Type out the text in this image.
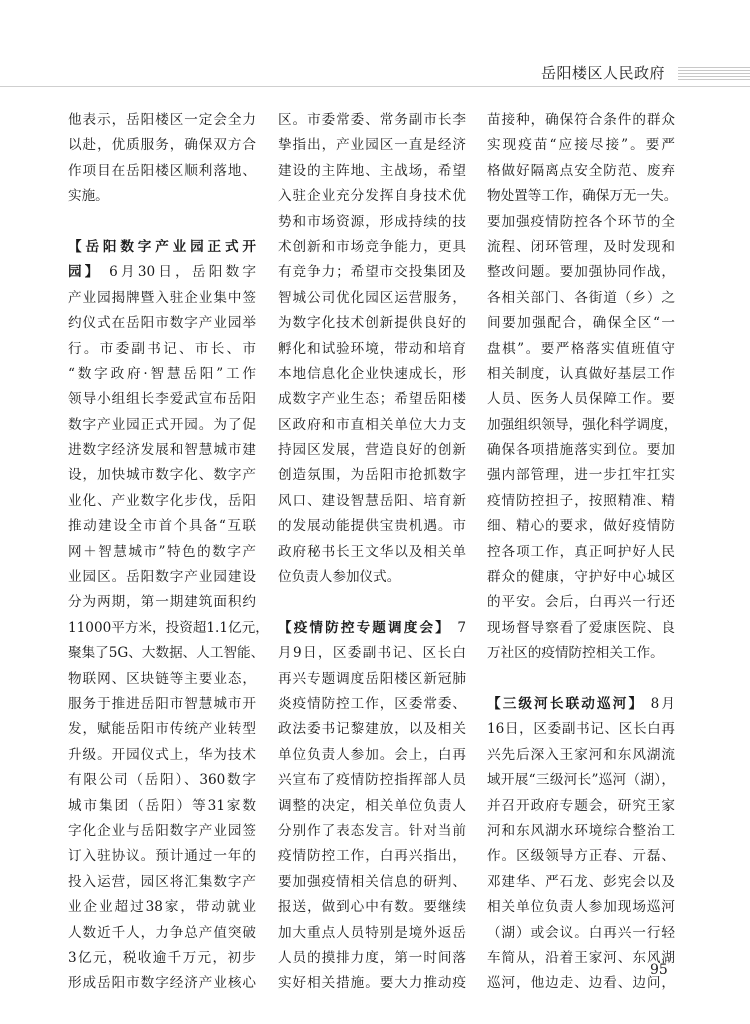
岳阳楼区人民政府
他表示，岳阳楼区一定会全力
以赴，优质服务，确保双方合
作项目在岳阳楼区顺利落地、
实施。
【岳阳数字产业园正式开
园】 6月30日，岳阳数字
产业园揭牌暨入驻企业集中签
约仪式在岳阳市数字产业园举
行。市委副书记、市长、市
“数字政府·智慧岳阳”工作
领导小组组长李爱武宣布岳阳
数字产业园正式开园。为了促
进数字经济发展和智慧城市建
设，加快城市数字化、数字产
业化、产业数字化步伐，岳阳
推动建设全市首个具备“互联
网＋智慧城市”特色的数字产
业园区。岳阳数字产业园建设
分为两期，第一期建筑面积约
11000平方米，投资超1.1亿元，
聚集了5G、大数据、人工智能、
物联网、区块链等主要业态，
服务于推进岳阳市智慧城市开
发，赋能岳阳市传统产业转型
升级。开园仪式上，华为技术
有限公司（岳阳）、360数字
城市集团（岳阳）等31家数
字化企业与岳阳数字产业园签
订入驻协议。预计通过一年的
投入运营，园区将汇集数字产
业企业超过38家，带动就业
人数近千人，力争总产值突破
3亿元，税收逾千万元，初步
形成岳阳市数字经济产业核心
区。市委常委、常务副市长李
挚指出，产业园区一直是经济
建设的主阵地、主战场，希望
入驻企业充分发挥自身技术优
势和市场资源，形成持续的技
术创新和市场竞争能力，更具
有竞争力；希望市交投集团及
智城公司优化园区运营服务，
为数字化技术创新提供良好的
孵化和试验环境，带动和培育
本地信息化企业快速成长，形
成数字产业生态；希望岳阳楼
区政府和市直相关单位大力支
持园区发展，营造良好的创新
创造氛围，为岳阳市抢抓数字
风口、建设智慧岳阳、培育新
的发展动能提供宝贵机遇。市
政府秘书长王文华以及相关单
位负责人参加仪式。
【疫情防控专题调度会】 7
月9日，区委副书记、区长白
再兴专题调度岳阳楼区新冠肺
炎疫情防控工作，区委常委、
政法委书记黎建放，以及相关
单位负责人参加。会上，白再
兴宣布了疫情防控指挥部人员
调整的决定，相关单位负责人
分别作了表态发言。针对当前
疫情防控工作，白再兴指出，
要加强疫情相关信息的研判、
报送，做到心中有数。要继续
加大重点人员特别是境外返岳
人员的摸排力度，第一时间落
实好相关措施。要大力推动疫
苗接种，确保符合条件的群众
实现疫苗“应接尽接”。要严
格做好隔离点安全防范、废弃
物处置等工作，确保万无一失。
要加强疫情防控各个环节的全
流程、闭环管理，及时发现和
整改问题。要加强协同作战，
各相关部门、各街道（乡）之
间要加强配合，确保全区“一
盘棋”。要严格落实值班值守
相关制度，认真做好基层工作
人员、医务人员保障工作。要
加强组织领导，强化科学调度，
确保各项措施落实到位。要加
强内部管理，进一步扛牢扛实
疫情防控担子，按照精准、精
细、精心的要求，做好疫情防
控各项工作，真正呵护好人民
群众的健康，守护好中心城区
的平安。会后，白再兴一行还
现场督导察看了爱康医院、良
万社区的疫情防控相关工作。
【三级河长联动巡河】 8月
16日，区委副书记、区长白再
兴先后深入王家河和东风湖流
域开展“三级河长”巡河（湖），
并召开政府专题会，研究王家
河和东风湖水环境综合整治工
作。区级领导方正春、亓磊、
邓建华、严石龙、彭宪会以及
相关单位负责人参加现场巡河
（湖）或会议。白再兴一行轻
车简从，沿着王家河、东风湖
巡河，他边走、边看、边问，
95
